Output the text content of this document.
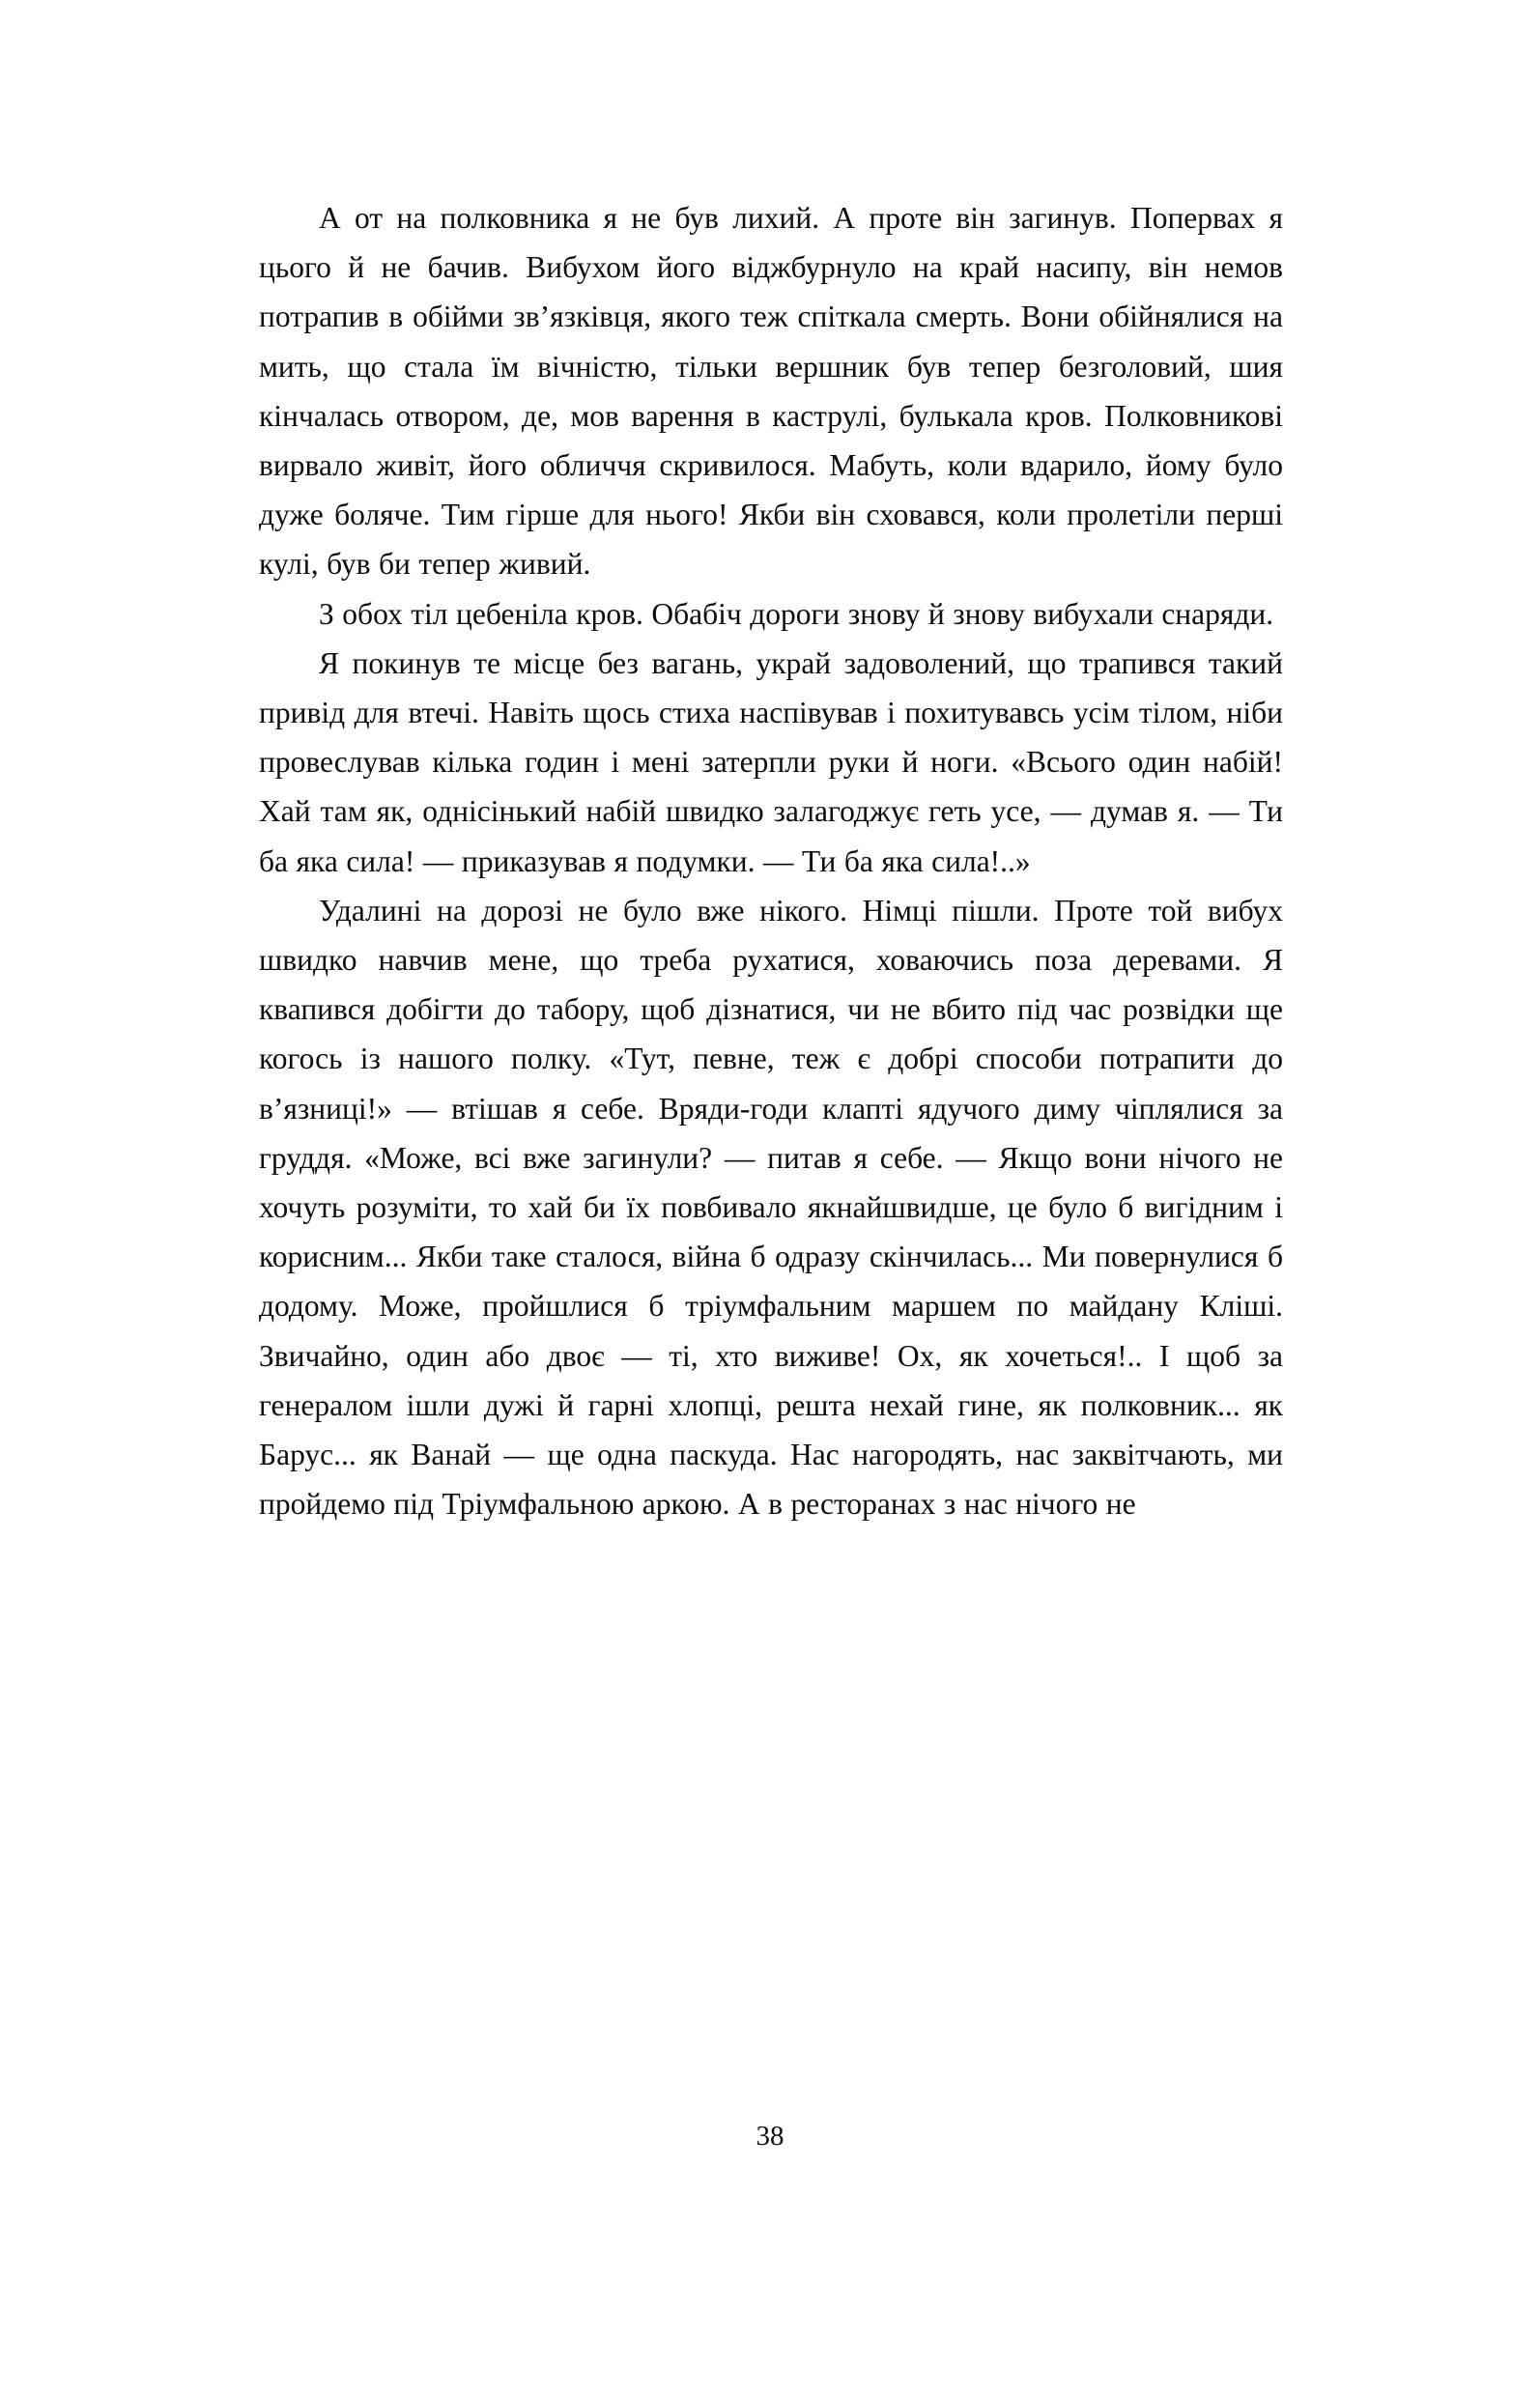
А от на полковника я не був лихий. А проте він загинув. Попервах я цього й не бачив. Вибухом його віджбурнуло на край насипу, він немов потрапив в обійми зв’язківця, якого теж спіткала смерть. Вони обійнялися на мить, що стала їм вічністю, тільки вершник був тепер безголовий, шия кінчалась отвором, де, мов варення в каструлі, булькала кров. Полковникові вирвало живіт, його обличчя скривилося. Мабуть, коли вдарило, йому було дуже боляче. Тим гірше для нього! Якби він сховався, коли пролетіли перші кулі, був би тепер живий.

З обох тіл цебеніла кров. Обабіч дороги знову й знову вибухали снаряди.

Я покинув те місце без вагань, украй задоволений, що трапився такий привід для втечі. Навіть щось стиха наспівував і похитувавсь усім тілом, ніби провеслував кілька годин і мені затерпли руки й ноги. «Всього один набій! Хай там як, однісінький набій швидко залагоджує геть усе, — думав я. — Ти ба яка сила! — приказував я подумки. — Ти ба яка сила!..»

Удалині на дорозі не було вже нікого. Німці пішли. Проте той вибух швидко навчив мене, що треба рухатися, ховаючись поза деревами. Я квапився добігти до табору, щоб дізнатися, чи не вбито під час розвідки ще когось із нашого полку. «Тут, певне, теж є добрі способи потрапити до в’язниці!» — втішав я себе. Вряди-годи клапті ядучого диму чіплялися за груддя. «Може, всі вже загинули? — питав я себе. — Якщо вони нічого не хочуть розуміти, то хай би їх повбивало якнайшвидше, це було б вигідним і корисним... Якби таке сталося, війна б одразу скінчилась... Ми повернулися б додому. Може, пройшлися б тріумфальним маршем по майдану Кліші. Звичайно, один або двоє — ті, хто виживе! Ох, як хочеться!.. І щоб за генералом ішли дужі й гарні хлопці, решта нехай гине, як полковник... як Барус... як Ванай — ще одна паскуда. Нас нагородять, нас заквітчають, ми пройдемо під Тріумфальною аркою. А в ресторанах з нас нічого не

38
